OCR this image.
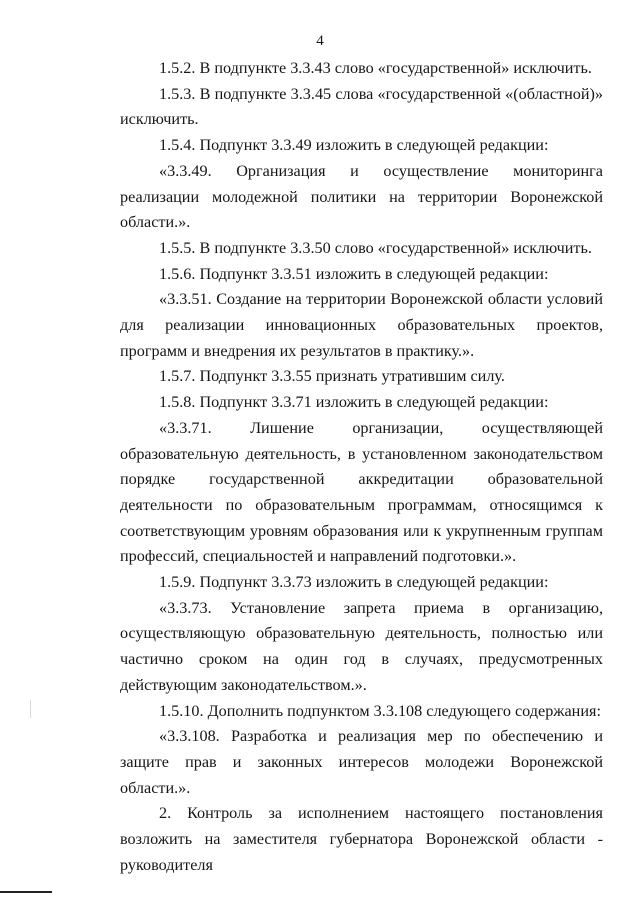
4

1.5.2. В подпункте 3.3.43 слово «государственной» исключить.

1.5.3. В подпункте 3.3.45 слова «государственной «(областной)» исключить.

1.5.4. Подпункт 3.3.49 изложить в следующей редакции:

«3.3.49. Организация и осуществление мониторинга реализации молодежной политики на территории Воронежской области.».

1.5.5. В подпункте 3.3.50 слово «государственной» исключить.

1.5.6. Подпункт 3.3.51 изложить в следующей редакции:

«3.3.51. Создание на территории Воронежской области условий для реализации инновационных образовательных проектов, программ и внедрения их результатов в практику.».

1.5.7. Подпункт 3.3.55 признать утратившим силу.

1.5.8. Подпункт 3.3.71 изложить в следующей редакции:

«3.3.71. Лишение организации, осуществляющей образовательную деятельность, в установленном законодательством порядке государственной аккредитации образовательной деятельности по образовательным программам, относящимся к соответствующим уровням образования или к укрупненным группам профессий, специальностей и направлений подготовки.».

1.5.9. Подпункт 3.3.73 изложить в следующей редакции:

«3.3.73. Установление запрета приема в организацию, осуществляющую образовательную деятельность, полностью или частично сроком на один год в случаях, предусмотренных действующим законодательством.».

1.5.10. Дополнить подпунктом 3.3.108 следующего содержания:

«3.3.108. Разработка и реализация мер по обеспечению и защите прав и законных интересов молодежи Воронежской области.».

2. Контроль за исполнением настоящего постановления возложить на заместителя губернатора Воронежской области - руководителя
